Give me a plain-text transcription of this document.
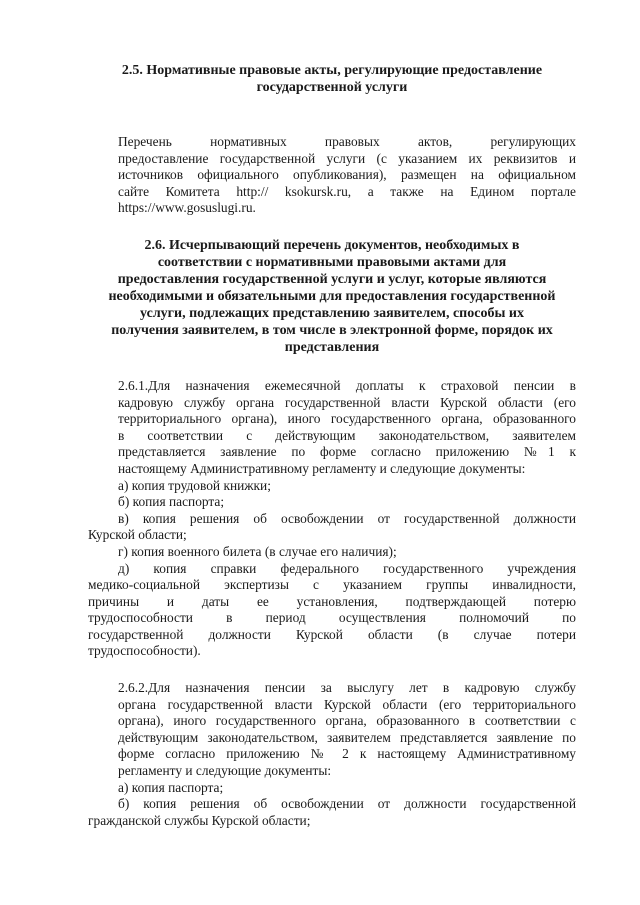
2.5. Нормативные правовые акты, регулирующие предоставление
государственной услуги
Перечень нормативных правовых актов, регулирующих
предоставление государственной услуги (с указанием их реквизитов и
источников официального опубликования), размещен на официальном
сайте Комитета http:// ksokursk.ru, а также на Едином портале
https://www.gosuslugi.ru.
2.6. Исчерпывающий перечень документов, необходимых в
соответствии с нормативными правовыми актами для
предоставления государственной услуги и услуг, которые являются
необходимыми и обязательными для предоставления государственной
услуги, подлежащих представлению заявителем, способы их
получения заявителем, в том числе в электронной форме, порядок их
представления
2.6.1.Для назначения ежемесячной доплаты к страховой пенсии в
кадровую службу органа государственной власти Курской области (его
территориального органа), иного государственного органа, образованного
в соответствии с действующим законодательством, заявителем
представляется заявление по форме согласно приложению №1 к
настоящему Административному регламенту и следующие документы:

а) копия трудовой книжки;

б) копия паспорта;

в) копия решения об освобождении от государственной должности

Курской области;

г) копия военного билета (в случае его наличия);

д) копия справки федерального государственного учреждения

медико-социальной экспертизы с указанием группы инвалидности,

причины и даты ее установления, подтверждающей потерю

трудоспособности в период осуществления полномочий по

государственной должности Курской области (в случае потери

трудоспособности).

2.6.2.Для назначения пенсии за выслугу лет в кадровую службу
органа государственной власти Курской области (его территориального
органа), иного государственного органа, образованного в соответствии с
действующим законодательством, заявителем представляется заявление по
форме согласно приложению № 2 к настоящему Административному
регламенту и следующие документы:

а) копия паспорта;

б) копия решения об освобождении от должности государственной

гражданской службы Курской области;
